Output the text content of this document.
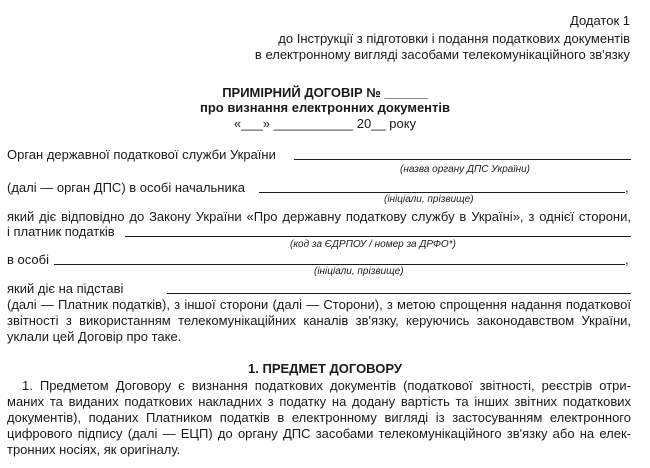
Додаток 1
до Інструкції з підготовки і подання податкових документів
в електронному вигляді засобами телекомунікаційного зв'язку
ПРИМІРНИЙ ДОГОВІР № ______
про визнання електронних документів
«___» ___________ 20__ року
Орган державної податкової служби України
(назва органу ДПС України)
(далі — орган ДПС) в особі начальника	,
(ініціали, прізвище)
який діє відповідно до Закону України «Про державну податкову службу в Україні», з однієї сторони,
і платник податків
(код за ЄДРПОУ / номер за ДРФО*)
в особі	,
(ініціали, прізвище)
який діє на підставі
(далі — Платник податків), з іншої сторони (далі — Сторони), з метою спрощення надання податкової
звітності з використанням телекомунікаційних каналів зв'язку, керуючись законодавством України,
уклали цей Договір про таке.
1. ПРЕДМЕТ ДОГОВОРУ
1. Предметом Договору є визнання податкових документів (податкової звітності, реєстрів отри-
маних та виданих податкових накладних з податку на додану вартість та інших звітних податкових
документів), поданих Платником податків в електронному вигляді із застосуванням електронного
цифрового підпису (далі — ЕЦП) до органу ДПС засобами телекомунікаційного зв'язку або на елек-
тронних носіях, як оригіналу.
